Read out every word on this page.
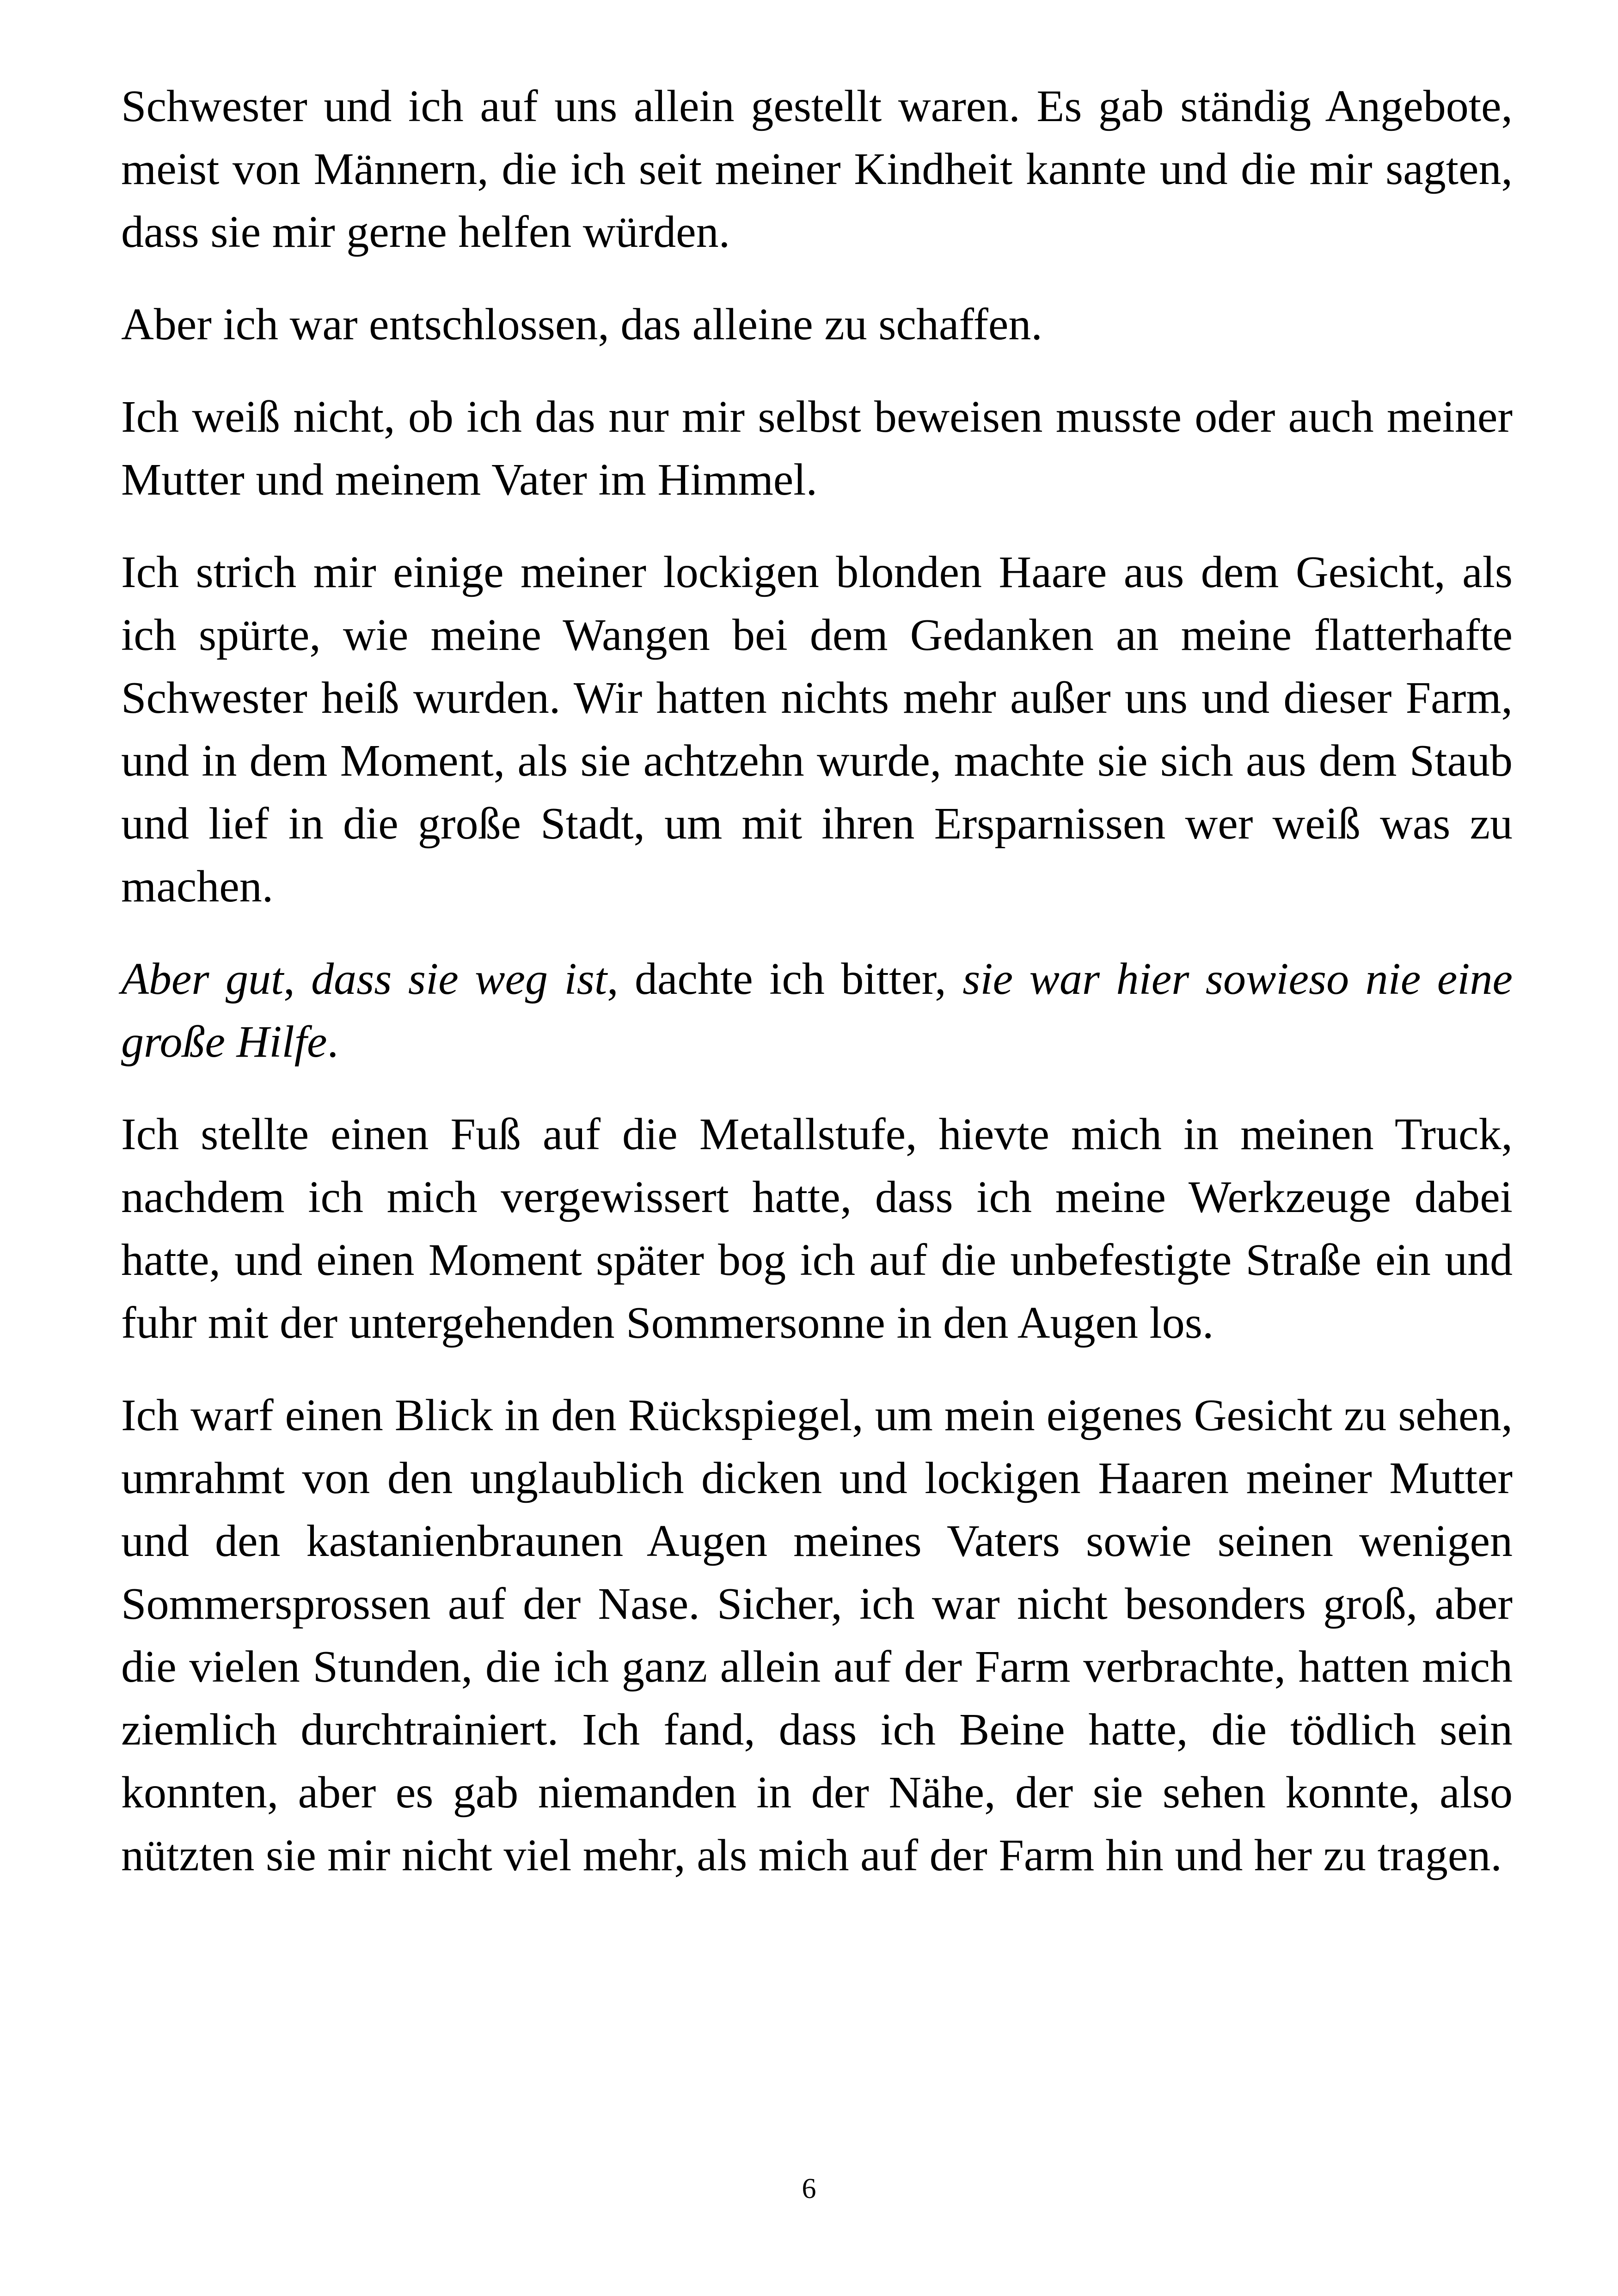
Schwester und ich auf uns allein gestellt waren. Es gab ständig Angebote, meist von Männern, die ich seit meiner Kindheit kannte und die mir sagten, dass sie mir gerne helfen würden.

Aber ich war entschlossen, das alleine zu schaffen.

Ich weiß nicht, ob ich das nur mir selbst beweisen musste oder auch meiner Mutter und meinem Vater im Himmel.

Ich strich mir einige meiner lockigen blonden Haare aus dem Gesicht, als ich spürte, wie meine Wangen bei dem Gedanken an meine flatterhafte Schwester heiß wurden. Wir hatten nichts mehr außer uns und dieser Farm, und in dem Moment, als sie achtzehn wurde, machte sie sich aus dem Staub und lief in die große Stadt, um mit ihren Ersparnissen wer weiß was zu machen.

Aber gut, dass sie weg ist, dachte ich bitter, sie war hier sowieso nie eine große Hilfe.

Ich stellte einen Fuß auf die Metallstufe, hievte mich in meinen Truck, nachdem ich mich vergewissert hatte, dass ich meine Werkzeuge dabei hatte, und einen Moment später bog ich auf die unbefestigte Straße ein und fuhr mit der untergehenden Sommersonne in den Augen los.

Ich warf einen Blick in den Rückspiegel, um mein eigenes Gesicht zu sehen, umrahmt von den unglaublich dicken und lockigen Haaren meiner Mutter und den kastanienbraunen Augen meines Vaters sowie seinen wenigen Sommersprossen auf der Nase. Sicher, ich war nicht besonders groß, aber die vielen Stunden, die ich ganz allein auf der Farm verbrachte, hatten mich ziemlich durchtrainiert. Ich fand, dass ich Beine hatte, die tödlich sein konnten, aber es gab niemanden in der Nähe, der sie sehen konnte, also nützten sie mir nicht viel mehr, als mich auf der Farm hin und her zu tragen.

6
